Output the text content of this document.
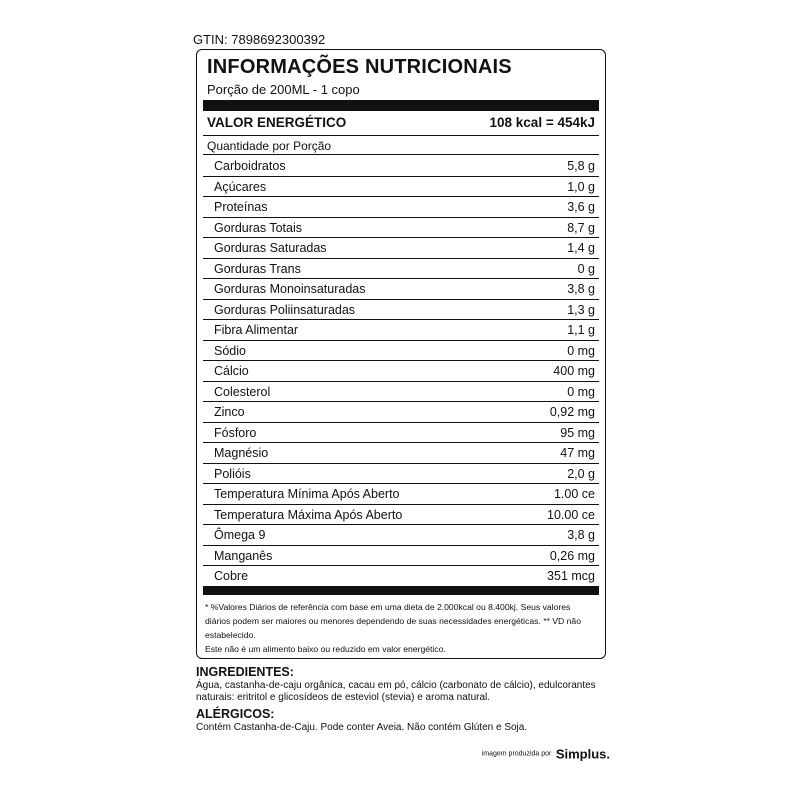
GTIN: 7898692300392
INFORMAÇÕES NUTRICIONAIS
Porção de 200ML - 1 copo
VALOR ENERGÉTICO	108 kcal = 454kJ
Quantidade por Porção
Carboidratos	5,8 g
Açúcares	1,0 g
Proteínas	3,6 g
Gorduras Totais	8,7 g
Gorduras Saturadas	1,4 g
Gorduras Trans	0 g
Gorduras Monoinsaturadas	3,8 g
Gorduras Poliinsaturadas	1,3 g
Fibra Alimentar	1,1 g
Sódio	0 mg
Cálcio	400 mg
Colesterol	0 mg
Zinco	0,92 mg
Fósforo	95 mg
Magnésio	47 mg
Polióis	2,0 g
Temperatura Mínima Após Aberto	1.00 ce
Temperatura Máxima Após Aberto	10.00 ce
Ômega 9	3,8 g
Manganês	0,26 mg
Cobre	351 mcg

* %Valores Diários de referência com base em uma dieta de 2.000kcal ou 8.400kj. Seus valores diários podem ser maiores ou menores dependendo de suas necessidades energéticas. ** VD não estabelecido.

Este não é um alimento baixo ou reduzido em valor energético.

INGREDIENTES:
Água, castanha-de-caju orgânica, cacau em pó, cálcio (carbonato de cálcio), edulcorantes naturais: eritritol e glicosídeos de esteviol (stevia) e aroma natural.
ALÉRGICOS:
Contém Castanha-de-Caju. Pode conter Aveia. Não contém Glúten e Soja.
imagem produzida por Simplus.
